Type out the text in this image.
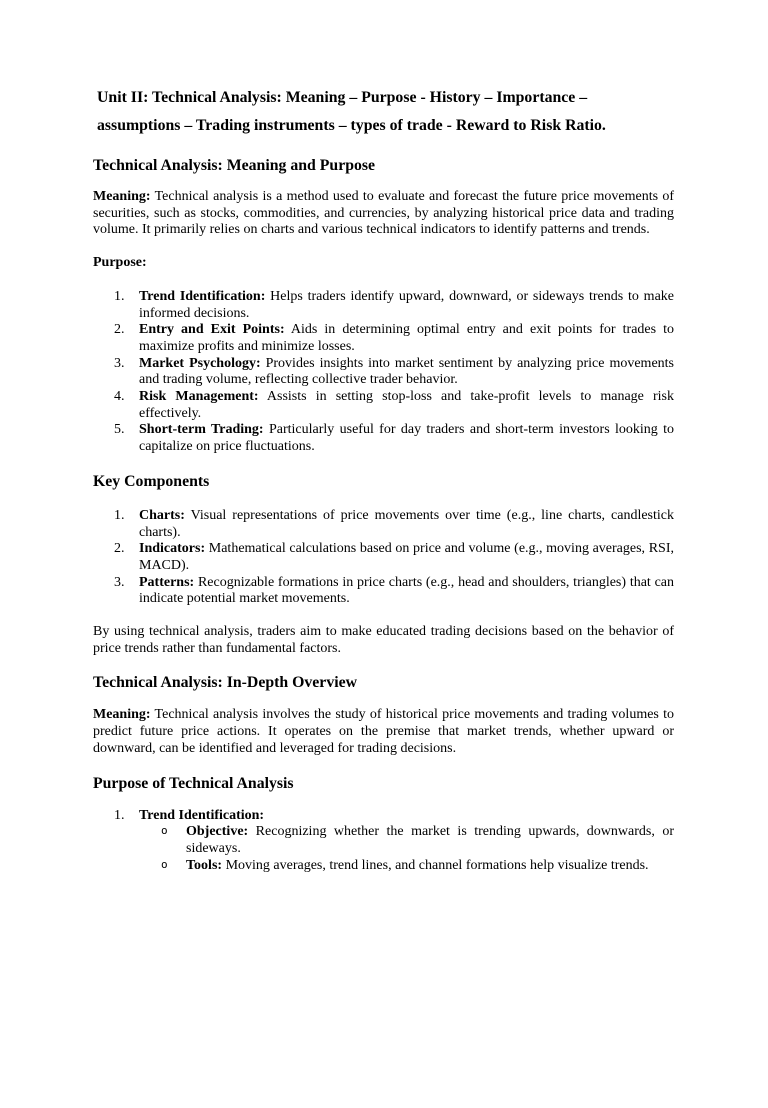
Unit II: Technical Analysis: Meaning – Purpose - History – Importance –
assumptions – Trading instruments – types of trade - Reward to Risk Ratio.
Technical Analysis: Meaning and Purpose

Meaning: Technical analysis is a method used to evaluate and forecast the future price movements of securities, such as stocks, commodities, and currencies, by analyzing historical price data and trading volume. It primarily relies on charts and various technical indicators to identify patterns and trends.

Purpose:

1. Trend Identification: Helps traders identify upward, downward, or sideways trends to make informed decisions.
2. Entry and Exit Points: Aids in determining optimal entry and exit points for trades to maximize profits and minimize losses.
3. Market Psychology: Provides insights into market sentiment by analyzing price movements and trading volume, reflecting collective trader behavior.
4. Risk Management: Assists in setting stop-loss and take-profit levels to manage risk effectively.
5. Short-term Trading: Particularly useful for day traders and short-term investors looking to capitalize on price fluctuations.
Key Components
1. Charts: Visual representations of price movements over time (e.g., line charts, candlestick charts).
2. Indicators: Mathematical calculations based on price and volume (e.g., moving averages, RSI, MACD).
3. Patterns: Recognizable formations in price charts (e.g., head and shoulders, triangles) that can indicate potential market movements.

By using technical analysis, traders aim to make educated trading decisions based on the behavior of price trends rather than fundamental factors.

Technical Analysis: In-Depth Overview

Meaning: Technical analysis involves the study of historical price movements and trading volumes to predict future price actions. It operates on the premise that market trends, whether upward or downward, can be identified and leveraged for trading decisions.

Purpose of Technical Analysis
1. Trend Identification:
o Objective: Recognizing whether the market is trending upwards, downwards, or sideways.
o Tools: Moving averages, trend lines, and channel formations help visualize trends.
